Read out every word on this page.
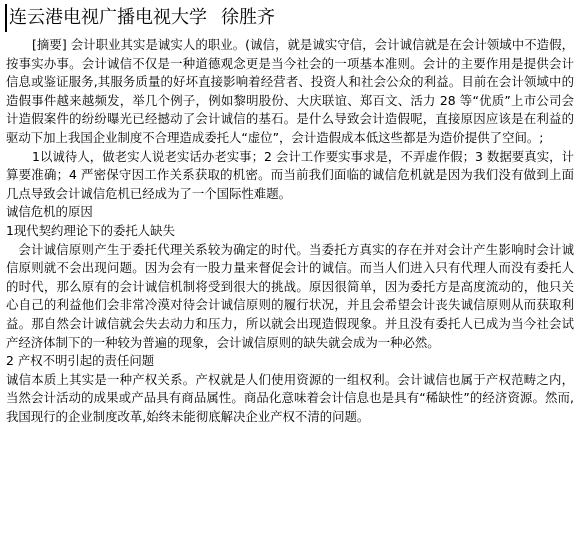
连云港电视广播电视大学 徐胜齐

[摘要] 会计职业其实是诚实人的职业。(诚信，就是诚实守信，会计诚信就是在会计领域中不造假，按事实办事。会计诚信不仅是一种道德观念更是当今社会的一项基本准则。会计的主要作用是提供会计信息或鉴证服务,其服务质量的好坏直接影响着经营者、投资人和社会公众的利益。目前在会计领域中的造假事件越来越频发，举几个例子，例如黎明股份、大庆联谊、郑百文、活力 28 等“优质”上市公司会计造假案件的纷纷曝光已经撼动了会计诚信的基石。是什么导致会计造假呢，直接原因应该是在利益的驱动下加上我国企业制度不合理造成委托人“虚位”，会计造假成本低这些都是为造价提供了空间。;

1以诚待人，做老实人说老实话办老实事；2 会计工作要实事求是，不弄虚作假；3 数据要真实，计算要准确；4 严密保守因工作关系获取的机密。而当前我们面临的诚信危机就是因为我们没有做到上面几点导致会计诚信危机已经成为了一个国际性难题。

诚信危机的原因

1现代契约理论下的委托人缺失

会计诚信原则产生于委托代理关系较为确定的时代。当委托方真实的存在并对会计产生影响时会计诚信原则就不会出现问题。因为会有一股力量来督促会计的诚信。而当人们进入只有代理人而没有委托人的时代，那么原有的会计诚信机制将受到很大的挑战。原因很简单，因为委托方是高度流动的，他只关心自己的利益他们会非常冷漠对待会计诚信原则的履行状况，并且会希望会计丧失诚信原则从而获取利益。那自然会计诚信就会失去动力和压力，所以就会出现造假现象。并且没有委托人已成为当今社会试产经济体制下的一种较为普遍的现象，会计诚信原则的缺失就会成为一种必然。

2 产权不明引起的责任问题

诚信本质上其实是一种产权关系。产权就是人们使用资源的一组权利。会计诚信也属于产权范畴之内，当然会计活动的成果或产品具有商品属性。商品化意味着会计信息也是具有“稀缺性”的经济资源。然而,我国现行的企业制度改革,始终未能彻底解决企业产权不清的问题。
